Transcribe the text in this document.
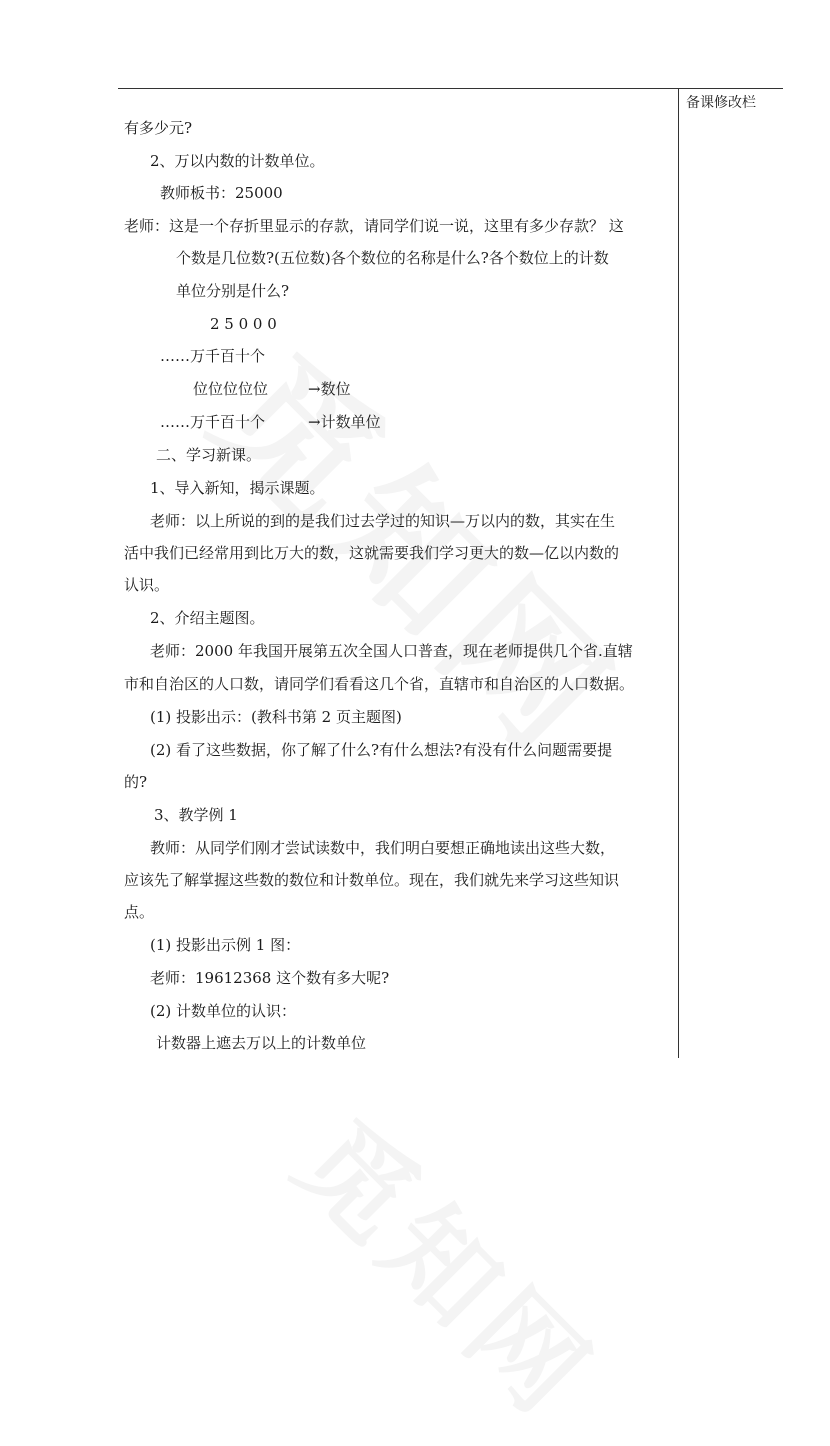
备课修改栏
有多少元?
2、万以内数的计数单位。
教师板书：25000
老师：这是一个存折里显示的存款，请同学们说一说，这里有多少存款？ 这
个数是几位数?(五位数)各个数位的名称是什么?各个数位上的计数
单位分别是什么?
2 5 0 0 0
……万千百十个
位位位位位	→数位
……万千百十个	→计数单位
二、学习新课。
1、导入新知，揭示课题。
老师：以上所说的到的是我们过去学过的知识—万以内的数，其实在生
活中我们已经常用到比万大的数，这就需要我们学习更大的数—亿以内数的
认识。
2、介绍主题图。
老师：2000 年我国开展第五次全国人口普查，现在老师提供几个省.直辖
市和自治区的人口数，请同学们看看这几个省，直辖市和自治区的人口数据。
(1) 投影出示：(教科书第 2 页主题图)
(2) 看了这些数据，你了解了什么?有什么想法?有没有什么问题需要提
的?
3、教学例 1
教师：从同学们刚才尝试读数中，我们明白要想正确地读出这些大数，
应该先了解掌握这些数的数位和计数单位。现在，我们就先来学习这些知识
点。
(1) 投影出示例 1 图：
老师：19612368 这个数有多大呢?
(2) 计数单位的认识：
计数器上遮去万以上的计数单位
